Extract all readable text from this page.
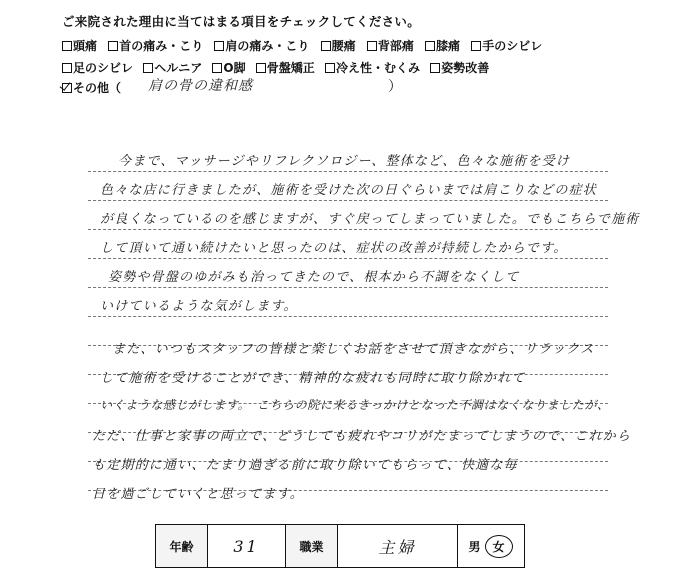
ご来院された理由に当てはまる項目をチェックしてください。
頭痛 首の痛み・こり 肩の痛み・こり 腰痛 背部痛 膝痛 手のシビレ
足のシビレ ヘルニア O脚 骨盤矯正 冷え性・むくみ 姿勢改善
その他（	肩の骨の違和感	）
今まで、マッサージやリフレクソロジー、整体など、色々な施術を受け
色々な店に行きましたが、施術を受けた次の日ぐらいまでは肩こりなどの症状
が良くなっているのを感じますが、すぐ戻ってしまっていました。でもこちらで施術
して頂いて通い続けたいと思ったのは、症状の改善が持続したからです。
姿勢や骨盤のゆがみも治ってきたので、根本から不調をなくして
いけているような気がします。
また、いつもスタッフの皆様と楽しくお話をさせて頂きながら、リラックス
して施術を受けることができ、精神的な疲れも同時に取り除かれて
いくような感じがします。　こちらの院に来るきっかけとなった不調はなくなりましたが、
ただ、仕事と家事の両立で、どうしても疲れやコリがたまってしまうので、これから
も定期的に通い、たまり過ぎる前に取り除いてもらって、快適な毎
日を過ごしていくと思ってます。
年齢	31	職業	主婦	男	女
